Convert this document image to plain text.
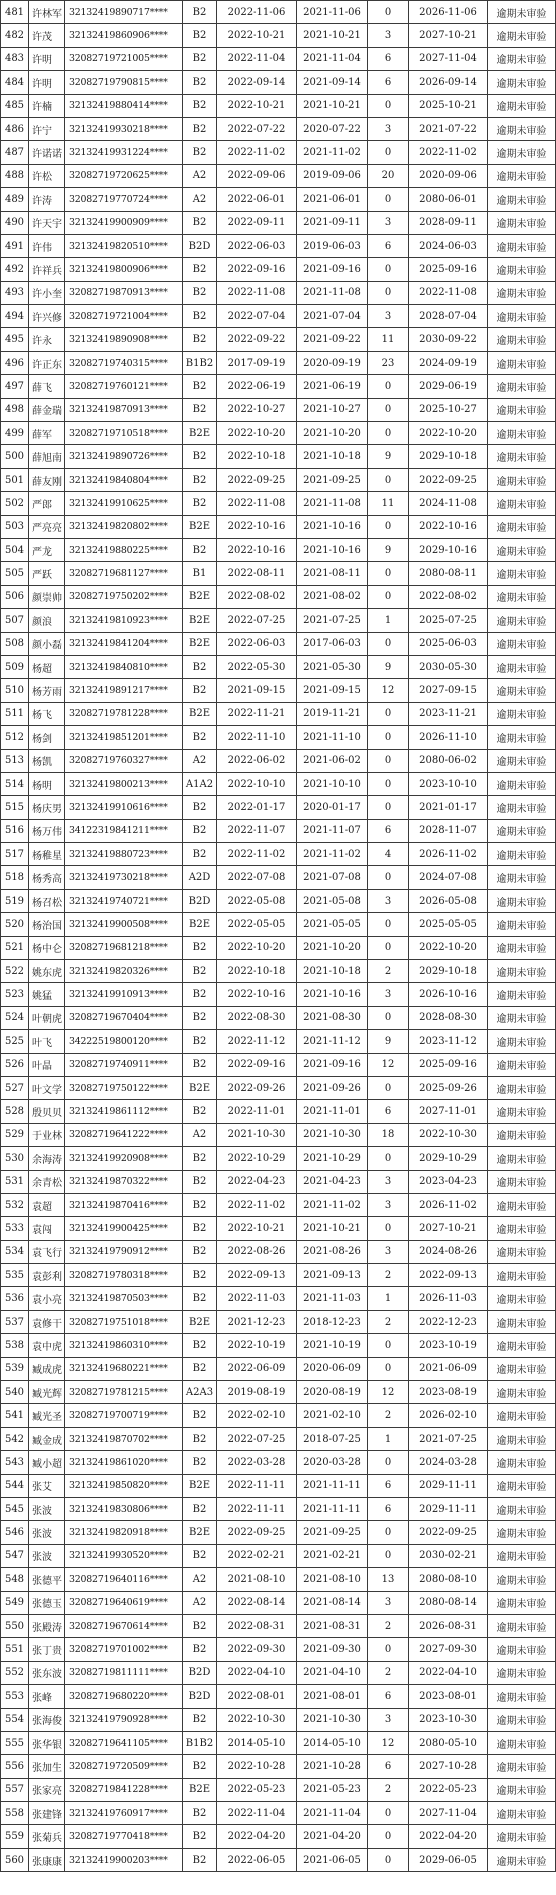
481	许林军	32132419890717****	B2	2022-11-06	2021-11-06	0	2026-11-06	逾期未审验
482	许茂	32132419860906****	B2	2022-10-21	2021-10-21	3	2027-10-21	逾期未审验
483	许明	32082719721005****	B2	2022-11-04	2021-11-04	6	2027-11-04	逾期未审验
484	许明	32082719790815****	B2	2022-09-14	2021-09-14	6	2026-09-14	逾期未审验
485	许楠	32132419880414****	B2	2022-10-21	2021-10-21	0	2025-10-21	逾期未审验
486	许宁	32132419930218****	B2	2022-07-22	2020-07-22	3	2021-07-22	逾期未审验
487	许诺诺	32132419931224****	B2	2022-11-02	2021-11-02	0	2022-11-02	逾期未审验
488	许松	32082719720625****	A2	2022-09-06	2019-09-06	20	2020-09-06	逾期未审验
489	许涛	32082719770724****	A2	2022-06-01	2021-06-01	0	2080-06-01	逾期未审验
490	许天宇	32132419900909****	B2	2022-09-11	2021-09-11	3	2028-09-11	逾期未审验
491	许伟	32132419820510****	B2D	2022-06-03	2019-06-03	6	2024-06-03	逾期未审验
492	许祥兵	32132419800906****	B2	2022-09-16	2021-09-16	0	2025-09-16	逾期未审验
493	许小奎	32082719870913****	B2	2022-11-08	2021-11-08	0	2022-11-08	逾期未审验
494	许兴修	32082719721004****	B2	2022-07-04	2021-07-04	3	2028-07-04	逾期未审验
495	许永	32132419890908****	B2	2022-09-22	2021-09-22	11	2030-09-22	逾期未审验
496	许正东	32082719740315****	B1B2	2017-09-19	2020-09-19	23	2024-09-19	逾期未审验
497	薛飞	32082719760121****	B2	2022-06-19	2021-06-19	0	2029-06-19	逾期未审验
498	薛金瑞	32132419870913****	B2	2022-10-27	2021-10-27	0	2025-10-27	逾期未审验
499	薛军	32082719710518****	B2E	2022-10-20	2021-10-20	0	2022-10-20	逾期未审验
500	薛旭南	32132419890726****	B2	2022-10-18	2021-10-18	9	2029-10-18	逾期未审验
501	薛友刚	32132419840804****	B2	2022-09-25	2021-09-25	0	2022-09-25	逾期未审验
502	严郎	32132419910625****	B2	2022-11-08	2021-11-08	11	2024-11-08	逾期未审验
503	严亮亮	32132419820802****	B2E	2022-10-16	2021-10-16	0	2022-10-16	逾期未审验
504	严龙	32132419880225****	B2	2022-10-16	2021-10-16	9	2029-10-16	逾期未审验
505	严跃	32082719681127****	B1	2022-08-11	2021-08-11	0	2080-08-11	逾期未审验
506	颜崇帅	32082719750202****	B2E	2022-08-02	2021-08-02	0	2022-08-02	逾期未审验
507	颜浪	32132419810923****	B2E	2022-07-25	2021-07-25	1	2025-07-25	逾期未审验
508	颜小磊	32132419841204****	B2E	2022-06-03	2017-06-03	0	2025-06-03	逾期未审验
509	杨超	32132419840810****	B2	2022-05-30	2021-05-30	9	2030-05-30	逾期未审验
510	杨芳雨	32132419891217****	B2	2021-09-15	2021-09-15	12	2027-09-15	逾期未审验
511	杨飞	32082719781228****	B2E	2022-11-21	2019-11-21	0	2023-11-21	逾期未审验
512	杨剑	32132419851201****	B2	2022-11-10	2021-11-10	0	2026-11-10	逾期未审验
513	杨凯	32082719760327****	A2	2022-06-02	2021-06-02	0	2080-06-02	逾期未审验
514	杨明	32132419800213****	A1A2	2022-10-10	2021-10-10	0	2023-10-10	逾期未审验
515	杨庆男	32132419910616****	B2	2022-01-17	2020-01-17	0	2021-01-17	逾期未审验
516	杨万伟	34122319841211****	B2	2022-11-07	2021-11-07	6	2028-11-07	逾期未审验
517	杨稚星	32132419880723****	B2	2022-11-02	2021-11-02	4	2026-11-02	逾期未审验
518	杨秀高	32132419730218****	A2D	2022-07-08	2021-07-08	0	2024-07-08	逾期未审验
519	杨召松	32132419740721****	B2D	2022-05-08	2021-05-08	3	2026-05-08	逾期未审验
520	杨治国	32132419900508****	B2E	2022-05-05	2021-05-05	0	2025-05-05	逾期未审验
521	杨中仑	32082719681218****	B2	2022-10-20	2021-10-20	0	2022-10-20	逾期未审验
522	姚东虎	32132419820326****	B2	2022-10-18	2021-10-18	2	2029-10-18	逾期未审验
523	姚猛	32132419910913****	B2	2022-10-16	2021-10-16	3	2026-10-16	逾期未审验
524	叶朝虎	32082719670404****	B2	2022-08-30	2021-08-30	0	2028-08-30	逾期未审验
525	叶飞	34222519800120****	B2	2022-11-12	2021-11-12	9	2023-11-12	逾期未审验
526	叶晶	32082719740911****	B2	2022-09-16	2021-09-16	12	2025-09-16	逾期未审验
527	叶文学	32082719750122****	B2E	2022-09-26	2021-09-26	0	2025-09-26	逾期未审验
528	殷贝贝	32132419861112****	B2	2022-11-01	2021-11-01	6	2027-11-01	逾期未审验
529	于业林	32082719641222****	A2	2021-10-30	2021-10-30	18	2022-10-30	逾期未审验
530	余海涛	32132419920908****	B2	2022-10-29	2021-10-29	0	2029-10-29	逾期未审验
531	余青松	32132419870322****	B2	2022-04-23	2021-04-23	3	2023-04-23	逾期未审验
532	袁超	32132419870416****	B2	2022-11-02	2021-11-02	3	2026-11-02	逾期未审验
533	袁闯	32132419900425****	B2	2022-10-21	2021-10-21	0	2027-10-21	逾期未审验
534	袁飞行	32132419790912****	B2	2022-08-26	2021-08-26	3	2024-08-26	逾期未审验
535	袁彭利	32082719780318****	B2	2022-09-13	2021-09-13	2	2022-09-13	逾期未审验
536	袁小亮	32132419870503****	B2	2022-11-03	2021-11-03	1	2026-11-03	逾期未审验
537	袁修干	32082719751018****	B2E	2021-12-23	2018-12-23	2	2022-12-23	逾期未审验
538	袁中虎	32132419860310****	B2	2022-10-19	2021-10-19	0	2023-10-19	逾期未审验
539	臧成虎	32132419680221****	B2	2022-06-09	2020-06-09	0	2021-06-09	逾期未审验
540	臧光辉	32082719781215****	A2A3	2019-08-19	2020-08-19	12	2023-08-19	逾期未审验
541	臧光圣	32082719700719****	B2	2022-02-10	2021-02-10	2	2026-02-10	逾期未审验
542	臧金成	32132419870702****	B2	2022-07-25	2018-07-25	1	2021-07-25	逾期未审验
543	臧小超	32132419861020****	B2	2022-03-28	2020-03-28	0	2024-03-28	逾期未审验
544	张艾	32132419850820****	B2E	2022-11-11	2021-11-11	6	2029-11-11	逾期未审验
545	张波	32132419830806****	B2	2022-11-11	2021-11-11	6	2029-11-11	逾期未审验
546	张波	32132419820918****	B2E	2022-09-25	2021-09-25	0	2022-09-25	逾期未审验
547	张波	32132419930520****	B2	2022-02-21	2021-02-21	0	2030-02-21	逾期未审验
548	张德平	32082719640116****	A2	2021-08-10	2021-08-10	13	2080-08-10	逾期未审验
549	张德玉	32082719640619****	A2	2022-08-14	2021-08-14	3	2080-08-14	逾期未审验
550	张殿涛	32082719670614****	B2	2022-08-31	2021-08-31	2	2026-08-31	逾期未审验
551	张丁贵	32082719701002****	B2	2022-09-30	2021-09-30	0	2027-09-30	逾期未审验
552	张东波	32082719811111****	B2D	2022-04-10	2021-04-10	2	2022-04-10	逾期未审验
553	张峰	32082719680220****	B2D	2022-08-01	2021-08-01	6	2023-08-01	逾期未审验
554	张海俊	32132419790928****	B2	2022-10-30	2021-10-30	3	2023-10-30	逾期未审验
555	张华银	32082719641105****	B1B2	2014-05-10	2014-05-10	12	2080-05-10	逾期未审验
556	张加生	32082719720509****	B2	2022-10-28	2021-10-28	6	2027-10-28	逾期未审验
557	张家亮	32082719841228****	B2E	2022-05-23	2021-05-23	2	2022-05-23	逾期未审验
558	张建锋	32132419760917****	B2	2022-11-04	2021-11-04	0	2027-11-04	逾期未审验
559	张菊兵	32082719770418****	B2	2022-04-20	2021-04-20	0	2022-04-20	逾期未审验
560	张康康	32132419900203****	B2	2022-06-05	2021-06-05	0	2029-06-05	逾期未审验
